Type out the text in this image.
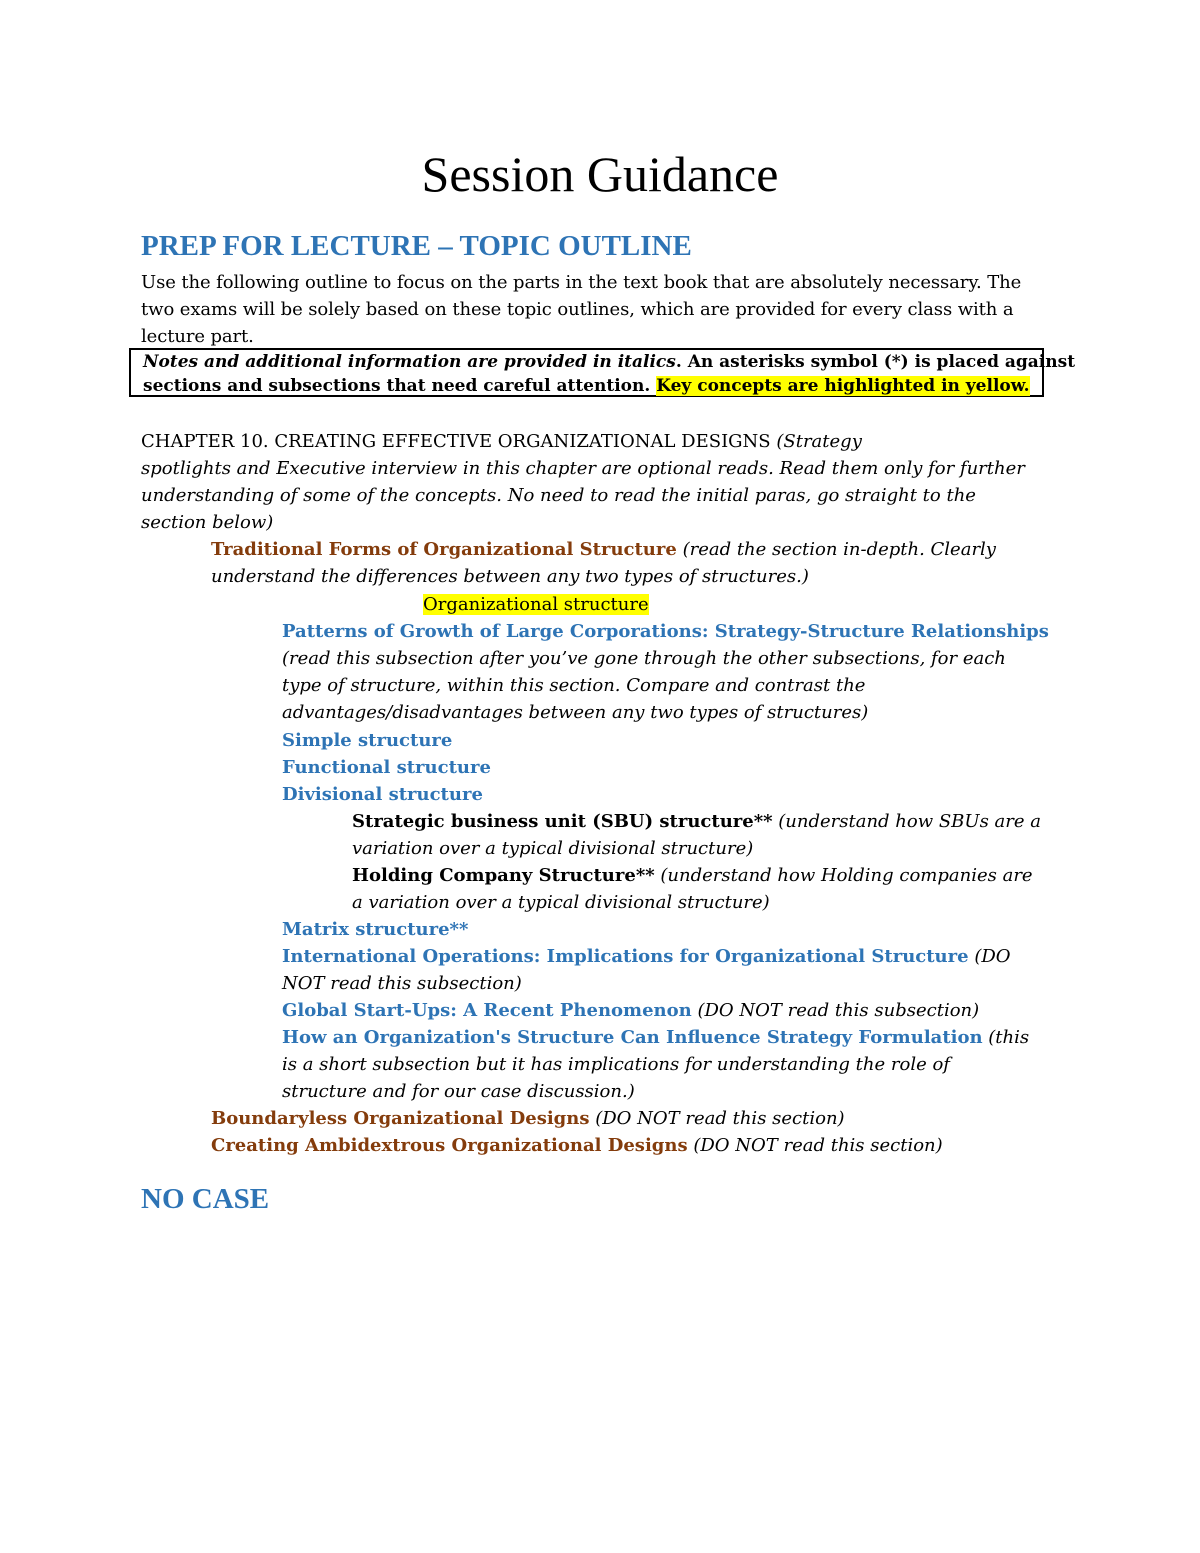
Session Guidance
PREP FOR LECTURE – TOPIC OUTLINE
Use the following outline to focus on the parts in the text book that are absolutely necessary. The
two exams will be solely based on these topic outlines, which are provided for every class with a
lecture part.
Notes and additional information are provided in italics. An asterisks symbol (*) is placed against
sections and subsections that need careful attention. Key concepts are highlighted in yellow.
CHAPTER 10. CREATING EFFECTIVE ORGANIZATIONAL DESIGNS (Strategy
spotlights and Executive interview in this chapter are optional reads. Read them only for further
understanding of some of the concepts. No need to read the initial paras, go straight to the
section below)
Traditional Forms of Organizational Structure (read the section in-depth. Clearly
understand the differences between any two types of structures.)
Organizational structure
Patterns of Growth of Large Corporations: Strategy-Structure Relationships
(read this subsection after you’ve gone through the other subsections, for each
type of structure, within this section. Compare and contrast the
advantages/disadvantages between any two types of structures)
Simple structure
Functional structure
Divisional structure
Strategic business unit (SBU) structure** (understand how SBUs are a
variation over a typical divisional structure)
Holding Company Structure** (understand how Holding companies are
a variation over a typical divisional structure)
Matrix structure**
International Operations: Implications for Organizational Structure (DO
NOT read this subsection)
Global Start-Ups: A Recent Phenomenon (DO NOT read this subsection)
How an Organization's Structure Can Influence Strategy Formulation (this
is a short subsection but it has implications for understanding the role of
structure and for our case discussion.)
Boundaryless Organizational Designs (DO NOT read this section)
Creating Ambidextrous Organizational Designs (DO NOT read this section)
NO CASE
